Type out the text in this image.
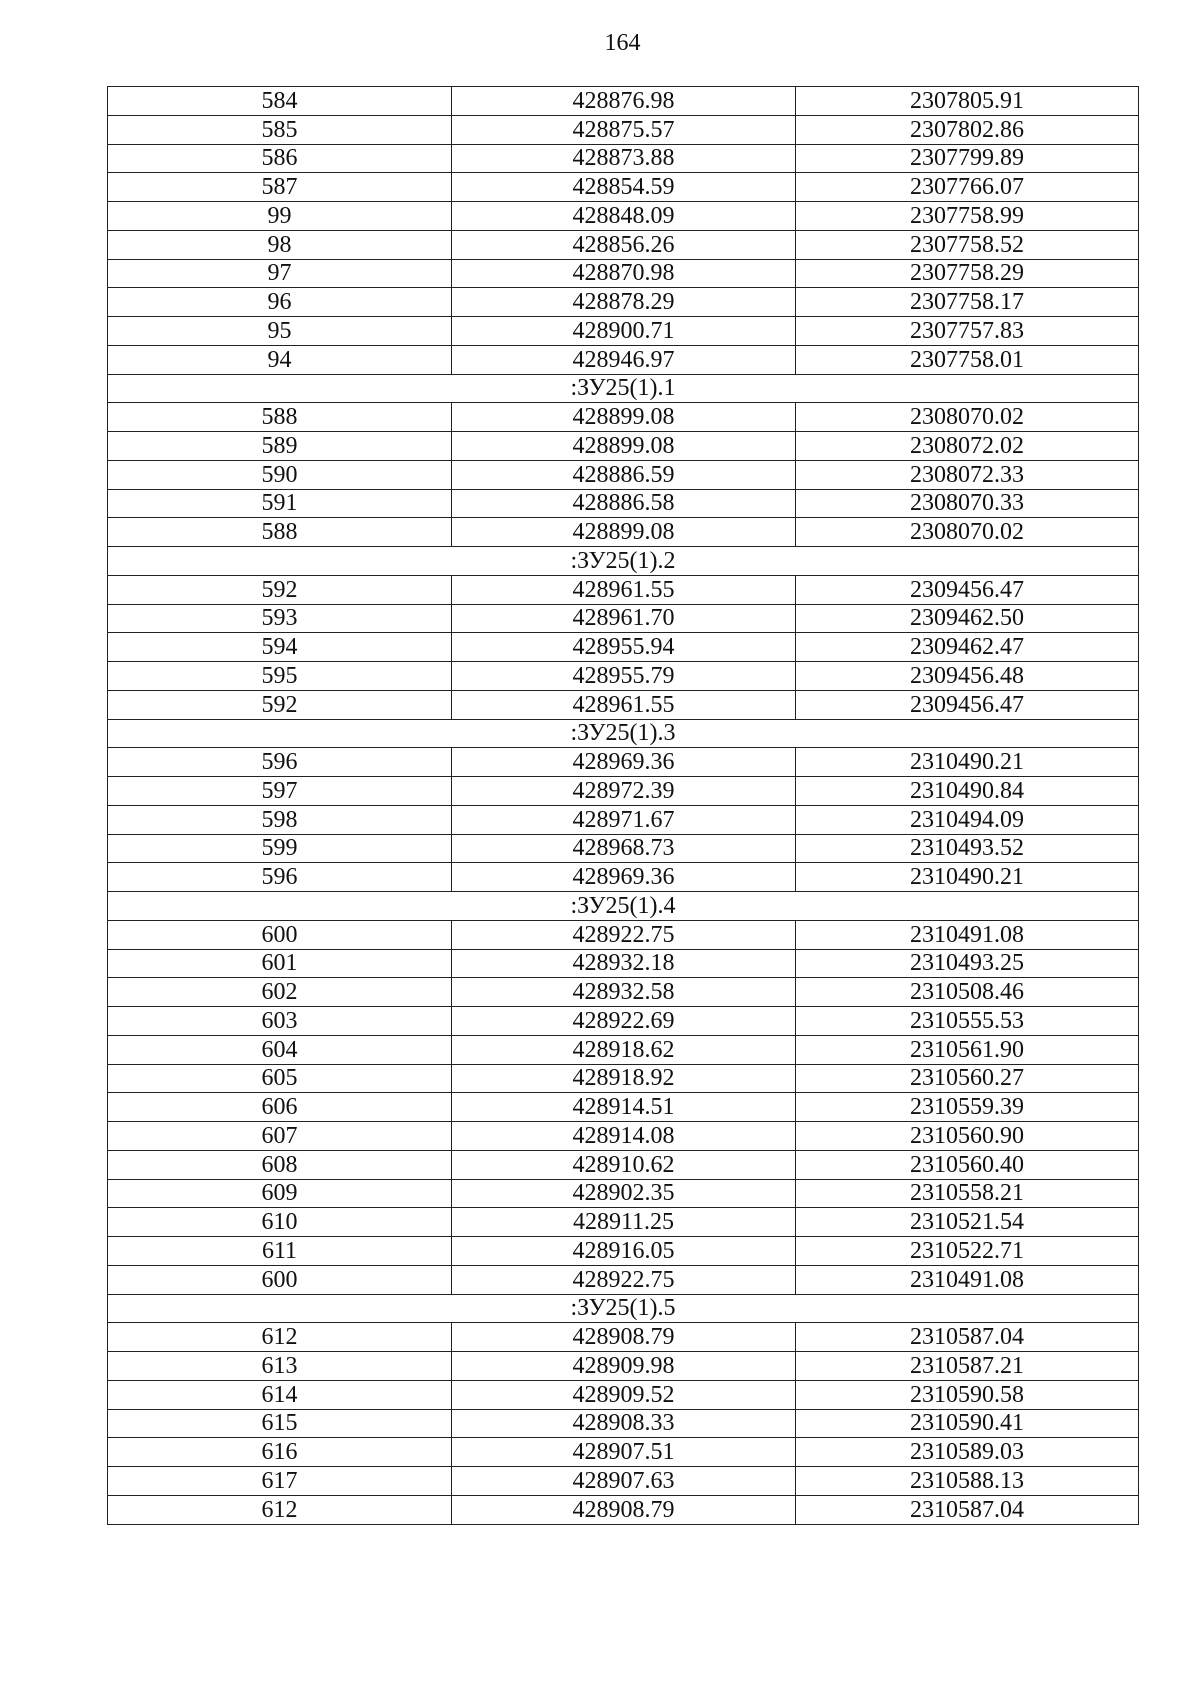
164
584	428876.98	2307805.91
585	428875.57	2307802.86
586	428873.88	2307799.89
587	428854.59	2307766.07
99	428848.09	2307758.99
98	428856.26	2307758.52
97	428870.98	2307758.29
96	428878.29	2307758.17
95	428900.71	2307757.83
94	428946.97	2307758.01
:ЗУ25(1).1		
588	428899.08	2308070.02
589	428899.08	2308072.02
590	428886.59	2308072.33
591	428886.58	2308070.33
588	428899.08	2308070.02
:ЗУ25(1).2		
592	428961.55	2309456.47
593	428961.70	2309462.50
594	428955.94	2309462.47
595	428955.79	2309456.48
592	428961.55	2309456.47
:ЗУ25(1).3		
596	428969.36	2310490.21
597	428972.39	2310490.84
598	428971.67	2310494.09
599	428968.73	2310493.52
596	428969.36	2310490.21
:ЗУ25(1).4		
600	428922.75	2310491.08
601	428932.18	2310493.25
602	428932.58	2310508.46
603	428922.69	2310555.53
604	428918.62	2310561.90
605	428918.92	2310560.27
606	428914.51	2310559.39
607	428914.08	2310560.90
608	428910.62	2310560.40
609	428902.35	2310558.21
610	428911.25	2310521.54
611	428916.05	2310522.71
600	428922.75	2310491.08
:ЗУ25(1).5		
612	428908.79	2310587.04
613	428909.98	2310587.21
614	428909.52	2310590.58
615	428908.33	2310590.41
616	428907.51	2310589.03
617	428907.63	2310588.13
612	428908.79	2310587.04
